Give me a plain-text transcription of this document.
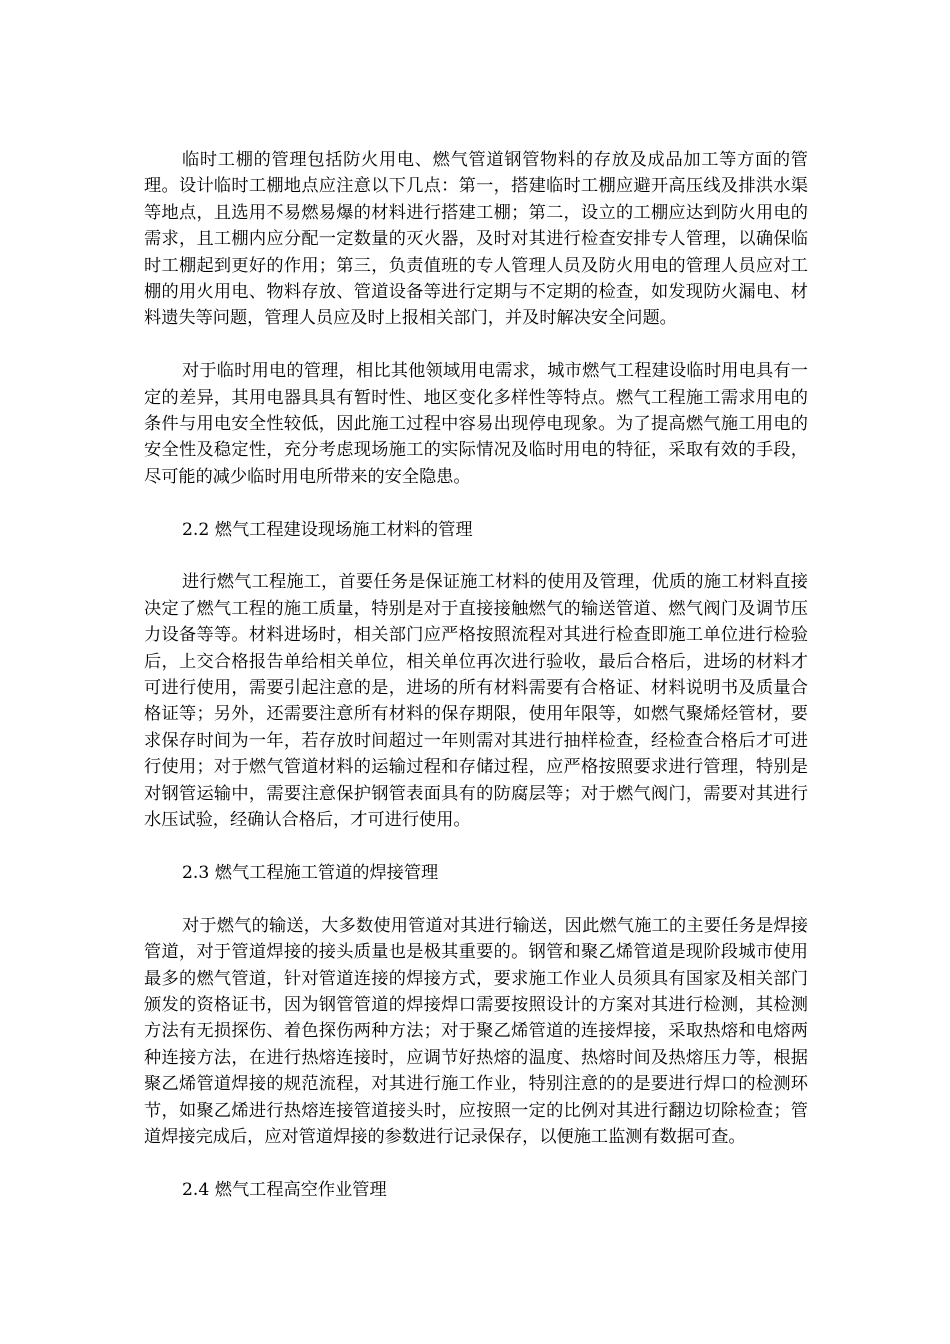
临时工棚的管理包括防火用电、燃气管道钢管物料的存放及成品加工等方面的管理。设计临时工棚地点应注意以下几点：第一，搭建临时工棚应避开高压线及排洪水渠等地点，且选用不易燃易爆的材料进行搭建工棚；第二，设立的工棚应达到防火用电的需求，且工棚内应分配一定数量的灭火器，及时对其进行检查安排专人管理，以确保临时工棚起到更好的作用；第三，负责值班的专人管理人员及防火用电的管理人员应对工棚的用火用电、物料存放、管道设备等进行定期与不定期的检查，如发现防火漏电、材料遗失等问题，管理人员应及时上报相关部门，并及时解决安全问题。

对于临时用电的管理，相比其他领域用电需求，城市燃气工程建设临时用电具有一定的差异，其用电器具具有暂时性、地区变化多样性等特点。燃气工程施工需求用电的条件与用电安全性较低，因此施工过程中容易出现停电现象。为了提高燃气施工用电的安全性及稳定性，充分考虑现场施工的实际情况及临时用电的特征，采取有效的手段，尽可能的减少临时用电所带来的安全隐患。

2.2 燃气工程建设现场施工材料的管理

进行燃气工程施工，首要任务是保证施工材料的使用及管理，优质的施工材料直接决定了燃气工程的施工质量，特别是对于直接接触燃气的输送管道、燃气阀门及调节压力设备等等。材料进场时，相关部门应严格按照流程对其进行检查即施工单位进行检验后，上交合格报告单给相关单位，相关单位再次进行验收，最后合格后，进场的材料才可进行使用，需要引起注意的是，进场的所有材料需要有合格证、材料说明书及质量合格证等；另外，还需要注意所有材料的保存期限，使用年限等，如燃气聚烯烃管材，要求保存时间为一年，若存放时间超过一年则需对其进行抽样检查，经检查合格后才可进行使用；对于燃气管道材料的运输过程和存储过程，应严格按照要求进行管理，特别是对钢管运输中，需要注意保护钢管表面具有的防腐层等；对于燃气阀门，需要对其进行水压试验，经确认合格后，才可进行使用。

2.3 燃气工程施工管道的焊接管理

对于燃气的输送，大多数使用管道对其进行输送，因此燃气施工的主要任务是焊接管道，对于管道焊接的接头质量也是极其重要的。钢管和聚乙烯管道是现阶段城市使用最多的燃气管道，针对管道连接的焊接方式，要求施工作业人员须具有国家及相关部门颁发的资格证书，因为钢管管道的焊接焊口需要按照设计的方案对其进行检测，其检测方法有无损探伤、着色探伤两种方法；对于聚乙烯管道的连接焊接，采取热熔和电熔两种连接方法，在进行热熔连接时，应调节好热熔的温度、热熔时间及热熔压力等，根据聚乙烯管道焊接的规范流程，对其进行施工作业，特别注意的的是要进行焊口的检测环节，如聚乙烯进行热熔连接管道接头时，应按照一定的比例对其进行翻边切除检查；管道焊接完成后，应对管道焊接的参数进行记录保存，以便施工监测有数据可查。

2.4 燃气工程高空作业管理
